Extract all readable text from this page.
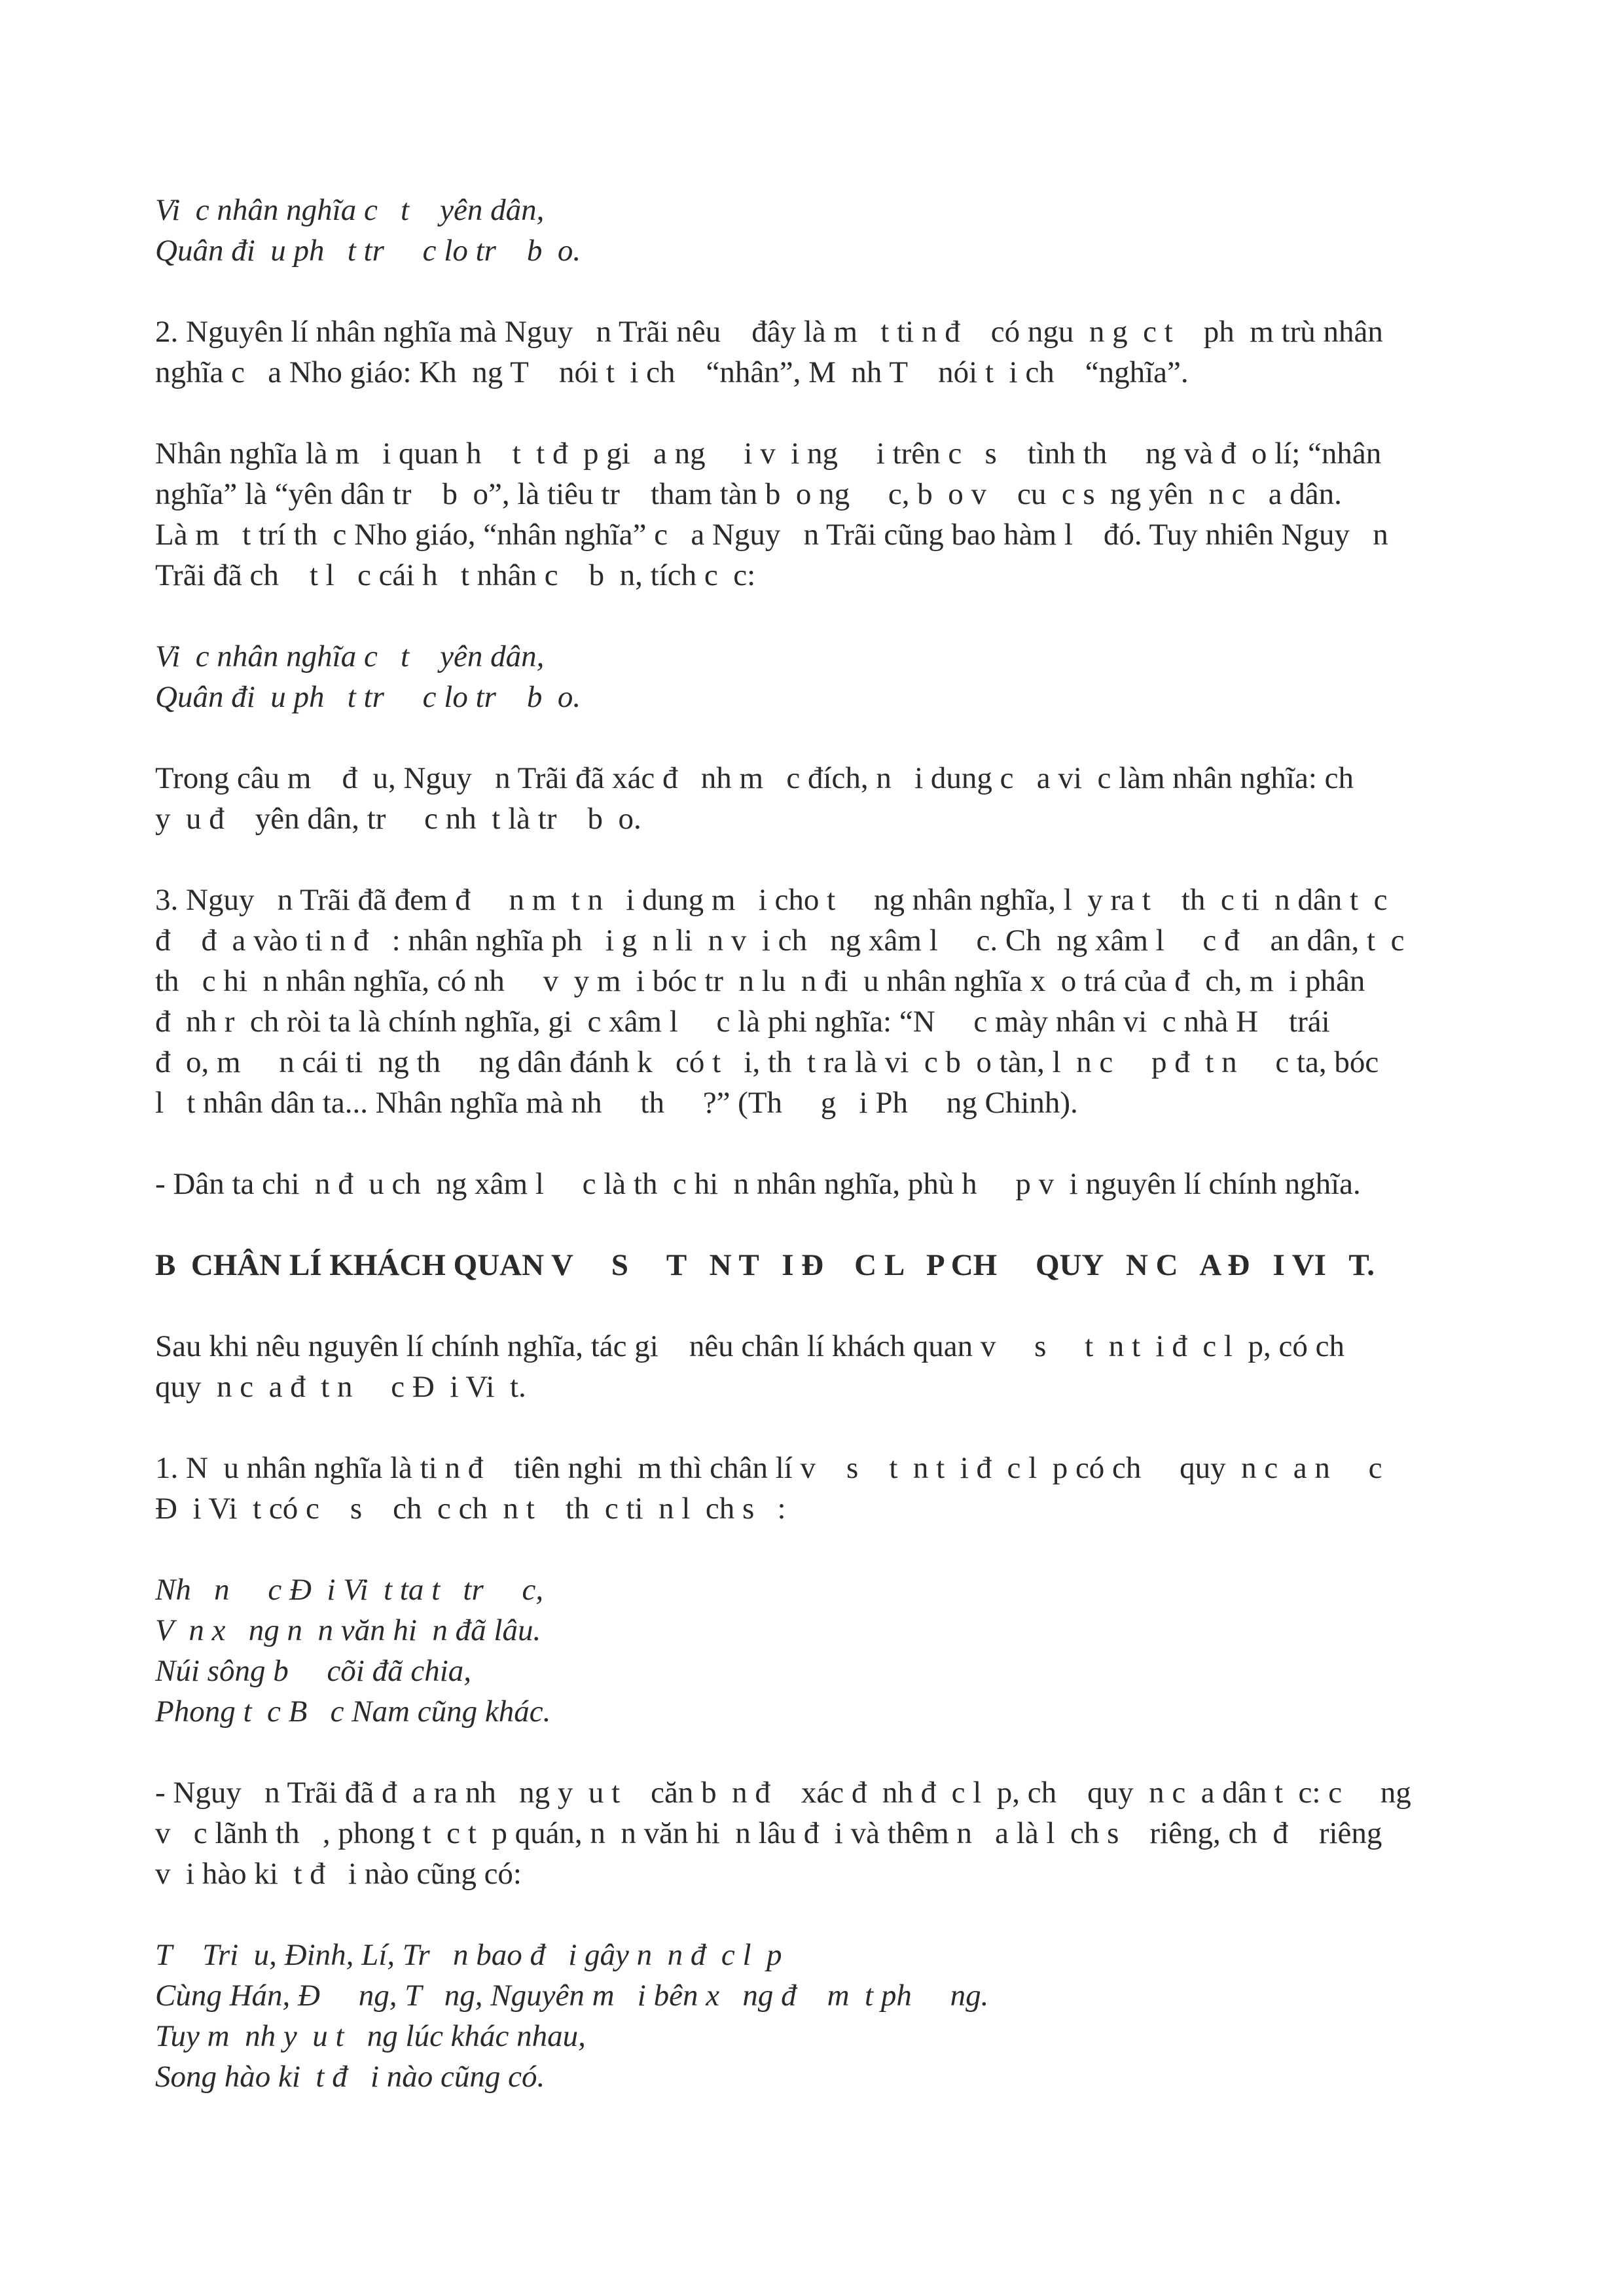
Vi  c nhân nghĩa c   t    yên dân,
Quân đi  u ph   t tr     c lo tr    b  o.
2. Nguyên lí nhân nghĩa mà Nguy   n Trãi nêu    đây là m   t ti n đ    có ngu  n g  c t    ph  m trù nhân
nghĩa c   a Nho giáo: Kh  ng T    nói t  i ch    “nhân”, M  nh T    nói t  i ch    “nghĩa”.
Nhân nghĩa là m   i quan h    t  t đ  p gi   a ng     i v  i ng     i trên c   s    tình th     ng và đ  o lí; “nhân
nghĩa” là “yên dân tr    b  o”, là tiêu tr    tham tàn b  o ng     c, b  o v    cu  c s  ng yên  n c   a dân.
Là m   t trí th  c Nho giáo, “nhân nghĩa” c   a Nguy   n Trãi cũng bao hàm l    đó. Tuy nhiên Nguy   n
Trãi đã ch    t l   c cái h   t nhân c    b  n, tích c  c:
Vi  c nhân nghĩa c   t    yên dân,
Quân đi  u ph   t tr     c lo tr    b  o.
Trong câu m    đ  u, Nguy   n Trãi đã xác đ   nh m   c đích, n   i dung c   a vi  c làm nhân nghĩa: ch
y  u đ    yên dân, tr     c nh  t là tr    b  o.
3. Nguy   n Trãi đã đem đ     n m  t n   i dung m   i cho t     ng nhân nghĩa, l  y ra t    th  c ti  n dân t  c
đ    đ  a vào ti n đ   : nhân nghĩa ph   i g  n li  n v  i ch   ng xâm l     c. Ch  ng xâm l     c đ    an dân, t  c
th   c hi  n nhân nghĩa, có nh     v  y m  i bóc tr  n lu  n đi  u nhân nghĩa x  o trá của đ  ch, m  i phân
đ  nh r  ch ròi ta là chính nghĩa, gi  c xâm l     c là phi nghĩa: “N     c mày nhân vi  c nhà H    trái
đ  o, m     n cái ti  ng th     ng dân đánh k   có t   i, th  t ra là vi  c b  o tàn, l  n c     p đ  t n     c ta, bóc
l   t nhân dân ta... Nhân nghĩa mà nh     th     ?” (Th     g   i Ph     ng Chinh).
- Dân ta chi  n đ  u ch  ng xâm l     c là th  c hi  n nhân nghĩa, phù h     p v  i nguyên lí chính nghĩa.
B  CHÂN LÍ KHÁCH QUAN V     S     T   N T   I Đ    C L   P CH     QUY   N C   A Đ   I VI   T.
Sau khi nêu nguyên lí chính nghĩa, tác gi    nêu chân lí khách quan v     s     t  n t  i đ  c l  p, có ch
quy  n c  a đ  t n     c Đ  i Vi  t.
1. N  u nhân nghĩa là ti n đ    tiên nghi  m thì chân lí v    s    t  n t  i đ  c l  p có ch     quy  n c  a n     c
Đ  i Vi  t có c    s    ch  c ch  n t    th  c ti  n l  ch s   :
Nh   n     c Đ  i Vi  t ta t   tr     c,
V  n x   ng n  n văn hi  n đã lâu.
Núi sông b     cõi đã chia,
Phong t  c B   c Nam cũng khác.
- Nguy   n Trãi đã đ  a ra nh   ng y  u t    căn b  n đ    xác đ  nh đ  c l  p, ch    quy  n c  a dân t  c: c     ng
v   c lãnh th   , phong t  c t  p quán, n  n văn hi  n lâu đ  i và thêm n   a là l  ch s    riêng, ch  đ    riêng
v  i hào ki  t đ   i nào cũng có:
T    Tri  u, Đinh, Lí, Tr   n bao đ   i gây n  n đ  c l  p
Cùng Hán, Đ     ng, T   ng, Nguyên m   i bên x   ng đ    m  t ph     ng.
Tuy m  nh y  u t   ng lúc khác nhau,
Song hào ki  t đ   i nào cũng có.
